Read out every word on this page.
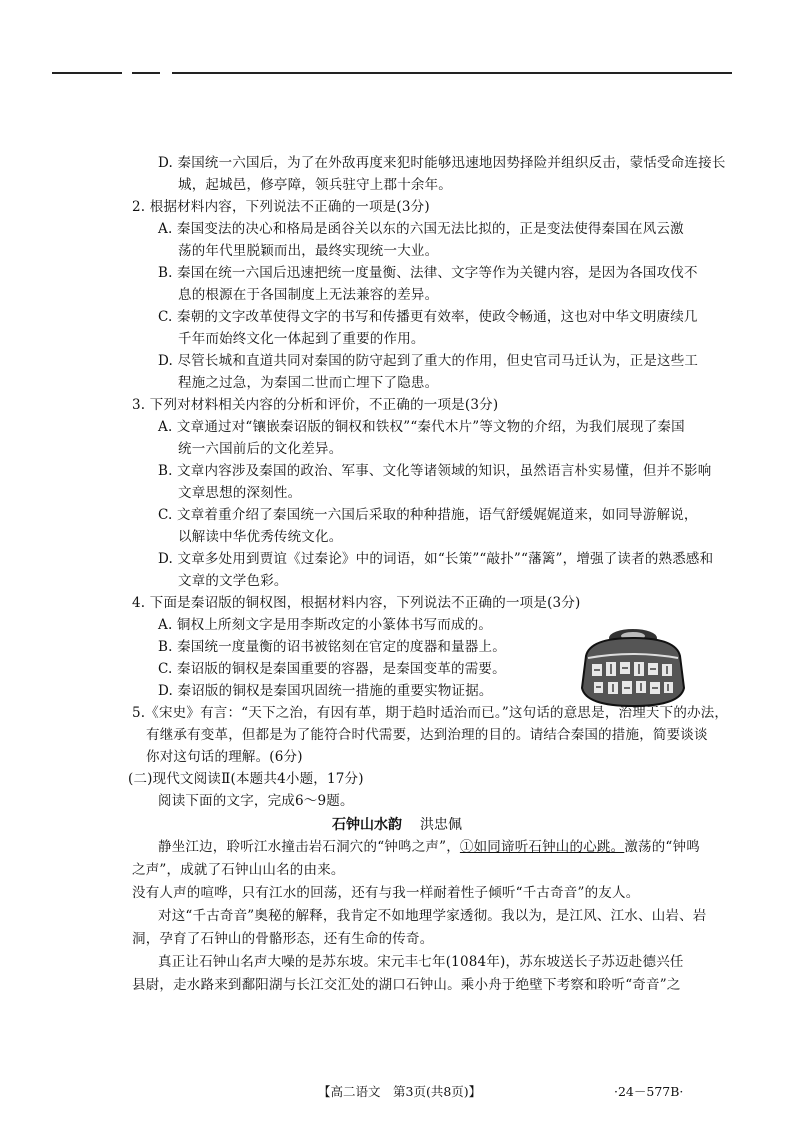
D. 秦国统一六国后，为了在外敌再度来犯时能够迅速地因势择险并组织反击，蒙恬受命连接长
城，起城邑，修亭障，领兵驻守上郡十余年。
2. 根据材料内容，下列说法不正确的一项是(3分)
A. 秦国变法的决心和格局是函谷关以东的六国无法比拟的，正是变法使得秦国在风云激
荡的年代里脱颖而出，最终实现统一大业。
B. 秦国在统一六国后迅速把统一度量衡、法律、文字等作为关键内容，是因为各国攻伐不
息的根源在于各国制度上无法兼容的差异。
C. 秦朝的文字改革使得文字的书写和传播更有效率，使政令畅通，这也对中华文明赓续几
千年而始终文化一体起到了重要的作用。
D. 尽管长城和直道共同对秦国的防守起到了重大的作用，但史官司马迁认为，正是这些工
程施之过急，为秦国二世而亡埋下了隐患。
3. 下列对材料相关内容的分析和评价，不正确的一项是(3分)
A. 文章通过对“镶嵌秦诏版的铜权和铁权”“秦代木片”等文物的介绍，为我们展现了秦国
统一六国前后的文化差异。
B. 文章内容涉及秦国的政治、军事、文化等诸领域的知识，虽然语言朴实易懂，但并不影响
文章思想的深刻性。
C. 文章着重介绍了秦国统一六国后采取的种种措施，语气舒缓娓娓道来，如同导游解说，
以解读中华优秀传统文化。
D. 文章多处用到贾谊《过秦论》中的词语，如“长策”“敲扑”“藩篱”，增强了读者的熟悉感和
文章的文学色彩。
4. 下面是秦诏版的铜权图，根据材料内容，下列说法不正确的一项是(3分)
A. 铜权上所刻文字是用李斯改定的小篆体书写而成的。
B. 秦国统一度量衡的诏书被铭刻在官定的度器和量器上。
C. 秦诏版的铜权是秦国重要的容器，是秦国变革的需要。
D. 秦诏版的铜权是秦国巩固统一措施的重要实物证据。
5.《宋史》有言：“天下之治，有因有革，期于趋时适治而已。”这句话的意思是，治理天下的办法，
有继承有变革，但都是为了能符合时代需要，达到治理的目的。请结合秦国的措施，简要谈谈
你对这句话的理解。(6分)
(二)现代文阅读Ⅱ(本题共4小题，17分)
阅读下面的文字，完成6～9题。
石钟山水韵 洪忠佩
静坐江边，聆听江水撞击岩石洞穴的“钟鸣之声”，①如同谛听石钟山的心跳。激荡的“钟鸣
之声”，成就了石钟山山名的由来。
没有人声的喧哗，只有江水的回荡，还有与我一样耐着性子倾听“千古奇音”的友人。
对这“千古奇音”奥秘的解释，我肯定不如地理学家透彻。我以为，是江风、江水、山岩、岩
洞，孕育了石钟山的骨骼形态，还有生命的传奇。
真正让石钟山名声大噪的是苏东坡。宋元丰七年(1084年)，苏东坡送长子苏迈赴德兴任
县尉，走水路来到鄱阳湖与长江交汇处的湖口石钟山。乘小舟于绝壁下考察和聆听“奇音”之
【高二语文　第3页(共8页)】	·24－577B·
